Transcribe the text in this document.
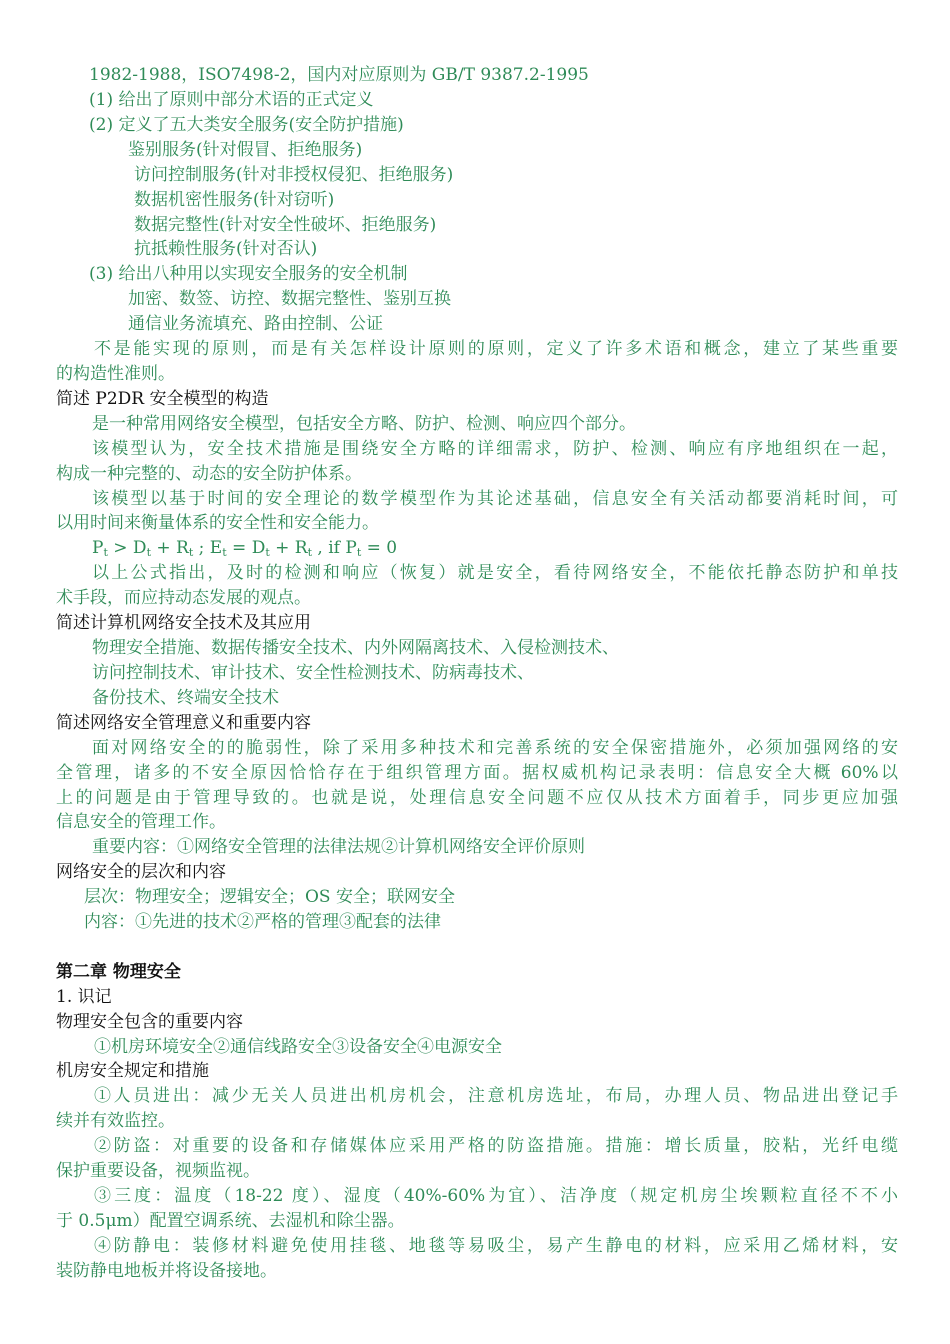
1982-1988，ISO7498-2，国内对应原则为 GB/T 9387.2-1995
(1) 给出了原则中部分术语的正式定义
(2) 定义了五大类安全服务(安全防护措施)
鉴别服务(针对假冒、拒绝服务)
访问控制服务(针对非授权侵犯、拒绝服务)
数据机密性服务(针对窃听)
数据完整性(针对安全性破坏、拒绝服务)
抗抵赖性服务(针对否认)
(3) 给出八种用以实现安全服务的安全机制
加密、数签、访控、数据完整性、鉴别互换
通信业务流填充、路由控制、公证
不是能实现的原则，而是有关怎样设计原则的原则，定义了许多术语和概念，建立了某些重要
的构造性准则。
简述 P2DR 安全模型的构造
是一种常用网络安全模型，包括安全方略、防护、检测、响应四个部分。
该模型认为，安全技术措施是围绕安全方略的详细需求，防护、检测、响应有序地组织在一起，
构成一种完整的、动态的安全防护体系。
该模型以基于时间的安全理论的数学模型作为其论述基础，信息安全有关活动都要消耗时间，可
以用时间来衡量体系的安全性和安全能力。
$P_t > D_t + R_t$ ; $E_t = D_t + R_t$ , if $P_t = 0$
以上公式指出，及时的检测和响应（恢复）就是安全，看待网络安全，不能依托静态防护和单技
术手段，而应持动态发展的观点。
简述计算机网络安全技术及其应用
物理安全措施、数据传播安全技术、内外网隔离技术、入侵检测技术、
访问控制技术、审计技术、安全性检测技术、防病毒技术、
备份技术、终端安全技术
简述网络安全管理意义和重要内容
面对网络安全的的脆弱性，除了采用多种技术和完善系统的安全保密措施外，必须加强网络的安
全管理，诸多的不安全原因恰恰存在于组织管理方面。据权威机构记录表明：信息安全大概 60%以
上的问题是由于管理导致的。也就是说，处理信息安全问题不应仅从技术方面着手，同步更应加强
信息安全的管理工作。
重要内容：①网络安全管理的法律法规②计算机网络安全评价原则
网络安全的层次和内容
层次：物理安全；逻辑安全；OS 安全；联网安全
内容：①先进的技术②严格的管理③配套的法律
第二章 物理安全
1. 识记
物理安全包含的重要内容
①机房环境安全②通信线路安全③设备安全④电源安全
机房安全规定和措施
①人员进出：减少无关人员进出机房机会，注意机房选址，布局，办理人员、物品进出登记手
续并有效监控。
②防盗：对重要的设备和存储媒体应采用严格的防盗措施。措施：增长质量，胶粘，光纤电缆
保护重要设备，视频监视。
③三度：温度（18-22 度）、湿度（40%-60%为宜）、洁净度（规定机房尘埃颗粒直径不不小
于 0.5μm）配置空调系统、去湿机和除尘器。
④防静电：装修材料避免使用挂毯、地毯等易吸尘，易产生静电的材料，应采用乙烯材料，安
装防静电地板并将设备接地。
